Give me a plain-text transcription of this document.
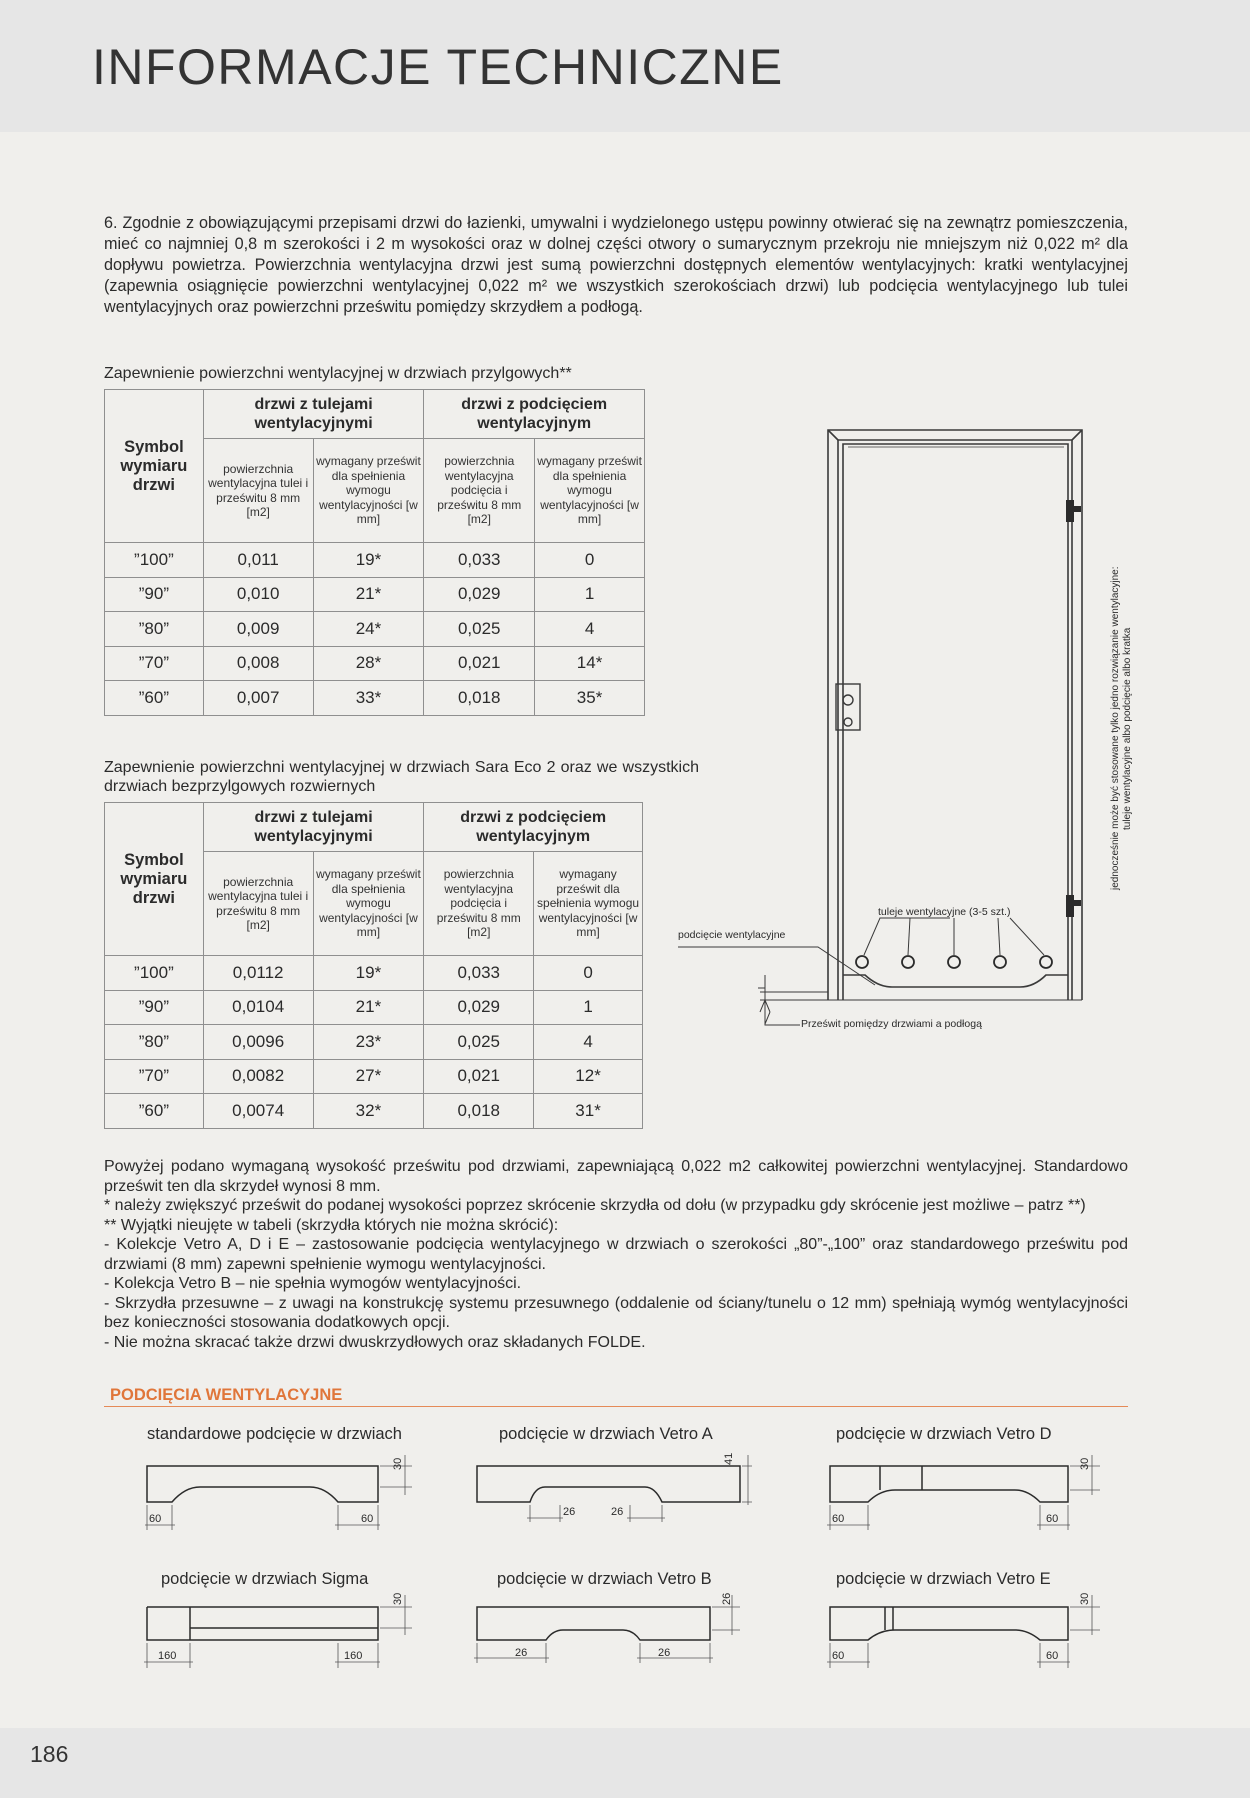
INFORMACJE TECHNICZNE
6. Zgodnie z obowiązującymi przepisami drzwi do łazienki, umywalni i wydzielonego ustępu powinny otwierać się na zewnątrz pomieszczenia, mieć co najmniej 0,8 m szerokości i 2 m wysokości oraz w dolnej części otwory o sumarycznym przekroju nie mniejszym niż 0,022 m² dla dopływu powietrza. Powierzchnia wentylacyjna drzwi jest sumą powierzchni dostępnych elementów wentylacyjnych: kratki wentylacyjnej (zapewnia osiągnięcie powierzchni wentylacyjnej 0,022 m² we wszystkich szerokościach drzwi) lub podcięcia wentylacyjnego lub tulei wentylacyjnych oraz powierzchni prześwitu pomiędzy skrzydłem a podłogą.
Zapewnienie powierzchni wentylacyjnej w drzwiach przylgowych**
Symbol wymiaru drzwi	drzwi z tulejami wentylacyjnymi		drzwi z podcięciem wentylacyjnym	
	powierzchnia wentylacyjna tulei i prześwitu 8 mm [m2]	wymagany prześwit dla spełnienia wymogu wentylacyjności [w mm]	powierzchnia wentylacyjna podcięcia i prześwitu 8 mm [m2]	wymagany prześwit dla spełnienia wymogu wentylacyjności [w mm]
”100”	0,011	19*	0,033	0
”90”	0,010	21*	0,029	1
”80”	0,009	24*	0,025	4
”70”	0,008	28*	0,021	14*
”60”	0,007	33*	0,018	35*
Zapewnienie powierzchni wentylacyjnej w drzwiach Sara Eco 2 oraz we wszystkich drzwiach bezprzylgowych rozwiernych
Symbol wymiaru drzwi	drzwi z tulejami wentylacyjnymi		drzwi z podcięciem wentylacyjnym	
	powierzchnia wentylacyjna tulei i prześwitu 8 mm [m2]	wymagany prześwit dla spełnienia wymogu wentylacyjności [w mm]	powierzchnia wentylacyjna podcięcia i prześwitu 8 mm [m2]	wymagany prześwit dla spełnienia wymogu wentylacyjności [w mm]
”100”	0,0112	19*	0,033	0
”90”	0,0104	21*	0,029	1
”80”	0,0096	23*	0,025	4
”70”	0,0082	27*	0,021	12*
”60”	0,0074	32*	0,018	31*
tuleje wentylacyjne (3-5 szt.)
podcięcie wentylacyjne
Prześwit pomiędzy drzwiami a podłogą
jednocześnie może być stosowane tylko jedno rozwiązanie wentylacyjne: tuleje wentylacyjne albo podcięcie albo kratka

Powyżej podano wymaganą wysokość prześwitu pod drzwiami, zapewniającą 0,022 m2 całkowitej powierzchni wentylacyjnej. Standardowo prześwit ten dla skrzydeł wynosi 8 mm.

* należy zwiększyć prześwit do podanej wysokości poprzez skrócenie skrzydła od dołu (w przypadku gdy skrócenie jest możliwe – patrz **)

** Wyjątki nieujęte w tabeli (skrzydła których nie można skrócić):

- Kolekcje Vetro A, D i E – zastosowanie podcięcia wentylacyjnego w drzwiach o szerokości „80”-„100” oraz standardowego prześwitu pod drzwiami (8 mm) zapewni spełnienie wymogu wentylacyjności.

- Kolekcja Vetro B – nie spełnia wymogów wentylacyjności.

- Skrzydła przesuwne – z uwagi na konstrukcję systemu przesuwnego (oddalenie od ściany/tunelu o 12 mm) spełniają wymóg wentylacyjności bez konieczności stosowania dodatkowych opcji.

- Nie można skracać także drzwi dwuskrzydłowych oraz składanych FOLDE.

PODCIĘCIA WENTYLACYJNE
standardowe podcięcie w drzwiach	podcięcie w drzwiach Vetro A	podcięcie w drzwiach Vetro D
podcięcie w drzwiach Sigma	podcięcie w drzwiach Vetro B	podcięcie w drzwiach Vetro E
60	60
30
26	26
41
60	60
30
160	160
30
26	26
26
60	60
30
186
